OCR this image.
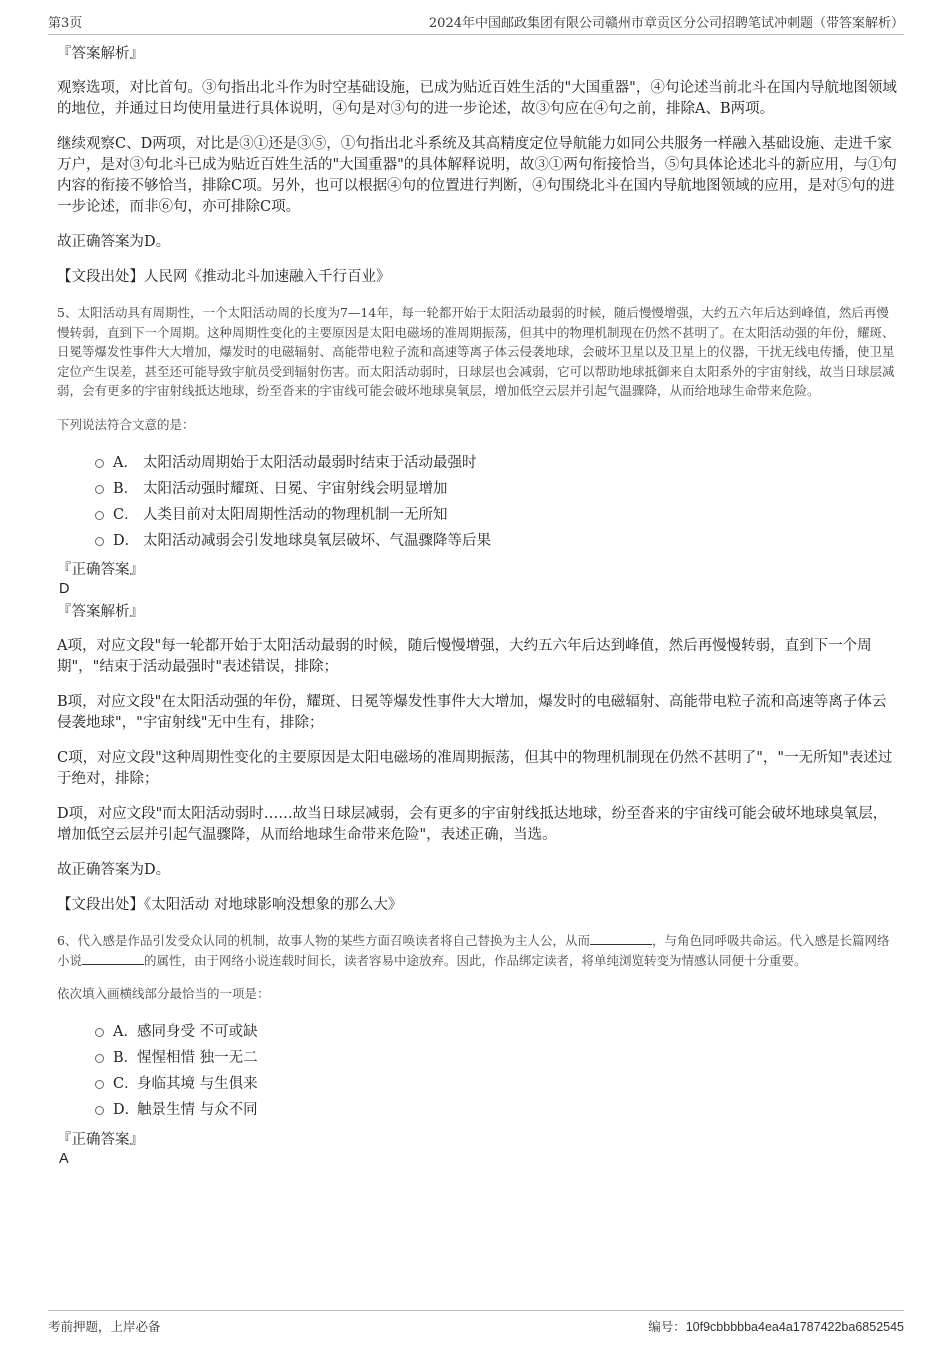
第3页	2024年中国邮政集团有限公司赣州市章贡区分公司招聘笔试冲刺题（带答案解析）

『答案解析』

观察选项，对比首句。③句指出北斗作为时空基础设施，已成为贴近百姓生活的"大国重器"，④句论述当前北斗在国内导航地图领域的地位，并通过日均使用量进行具体说明，④句是对③句的进一步论述，故③句应在④句之前，排除A、B两项。

继续观察C、D两项，对比是③①还是③⑤，①句指出北斗系统及其高精度定位导航能力如同公共服务一样融入基础设施、走进千家万户，是对③句北斗已成为贴近百姓生活的"大国重器"的具体解释说明，故③①两句衔接恰当，⑤句具体论述北斗的新应用，与①句内容的衔接不够恰当，排除C项。另外，也可以根据④句的位置进行判断，④句围绕北斗在国内导航地图领域的应用，是对⑤句的进一步论述，而非⑥句，亦可排除C项。

故正确答案为D。

【文段出处】人民网《推动北斗加速融入千行百业》

5、太阳活动具有周期性，一个太阳活动周的长度为7—14年，每一轮都开始于太阳活动最弱的时候，随后慢慢增强，大约五六年后达到峰值，然后再慢慢转弱，直到下一个周期。这种周期性变化的主要原因是太阳电磁场的准周期振荡，但其中的物理机制现在仍然不甚明了。在太阳活动强的年份，耀斑、日冕等爆发性事件大大增加，爆发时的电磁辐射、高能带电粒子流和高速等离子体云侵袭地球，会破坏卫星以及卫星上的仪器，干扰无线电传播，使卫星定位产生误差，甚至还可能导致宇航员受到辐射伤害。而太阳活动弱时，日球层也会减弱，它可以帮助地球抵御来自太阳系外的宇宙射线，故当日球层减弱，会有更多的宇宙射线抵达地球，纷至沓来的宇宙线可能会破坏地球臭氧层，增加低空云层并引起气温骤降，从而给地球生命带来危险。

下列说法符合文意的是：

A． 太阳活动周期始于太阳活动最弱时结束于活动最强时
B． 太阳活动强时耀斑、日冕、宇宙射线会明显增加
C． 人类目前对太阳周期性活动的物理机制一无所知
D． 太阳活动减弱会引发地球臭氧层破坏、气温骤降等后果

『正确答案』

D

『答案解析』

A项，对应文段"每一轮都开始于太阳活动最弱的时候，随后慢慢增强，大约五六年后达到峰值，然后再慢慢转弱，直到下一个周期"，"结束于活动最强时"表述错误，排除；

B项，对应文段"在太阳活动强的年份，耀斑、日冕等爆发性事件大大增加，爆发时的电磁辐射、高能带电粒子流和高速等离子体云侵袭地球"，"宇宙射线"无中生有，排除；

C项，对应文段"这种周期性变化的主要原因是太阳电磁场的准周期振荡，但其中的物理机制现在仍然不甚明了"，"一无所知"表述过于绝对，排除；

D项，对应文段"而太阳活动弱时……故当日球层减弱，会有更多的宇宙射线抵达地球，纷至沓来的宇宙线可能会破坏地球臭氧层，增加低空云层并引起气温骤降，从而给地球生命带来危险"，表述正确，当选。

故正确答案为D。

【文段出处】《太阳活动 对地球影响没想象的那么大》

6、代入感是作品引发受众认同的机制，故事人物的某些方面召唤读者将自己替换为主人公，从而	，与角色同呼吸共命运。代入感是长篇网络小说	的属性，由于网络小说连载时间长，读者容易中途放弃。因此，作品绑定读者，将单纯浏览转变为情感认同便十分重要。

依次填入画横线部分最恰当的一项是：

A． 感同身受 不可或缺
B．
惺惺相惜 独一无二
C．
身临其境 与生俱来
D．
触景生情 与众不同

『正确答案』

A

考前押题，上岸必备	编号：10f9cbbbbba4ea4a1787422ba6852545
